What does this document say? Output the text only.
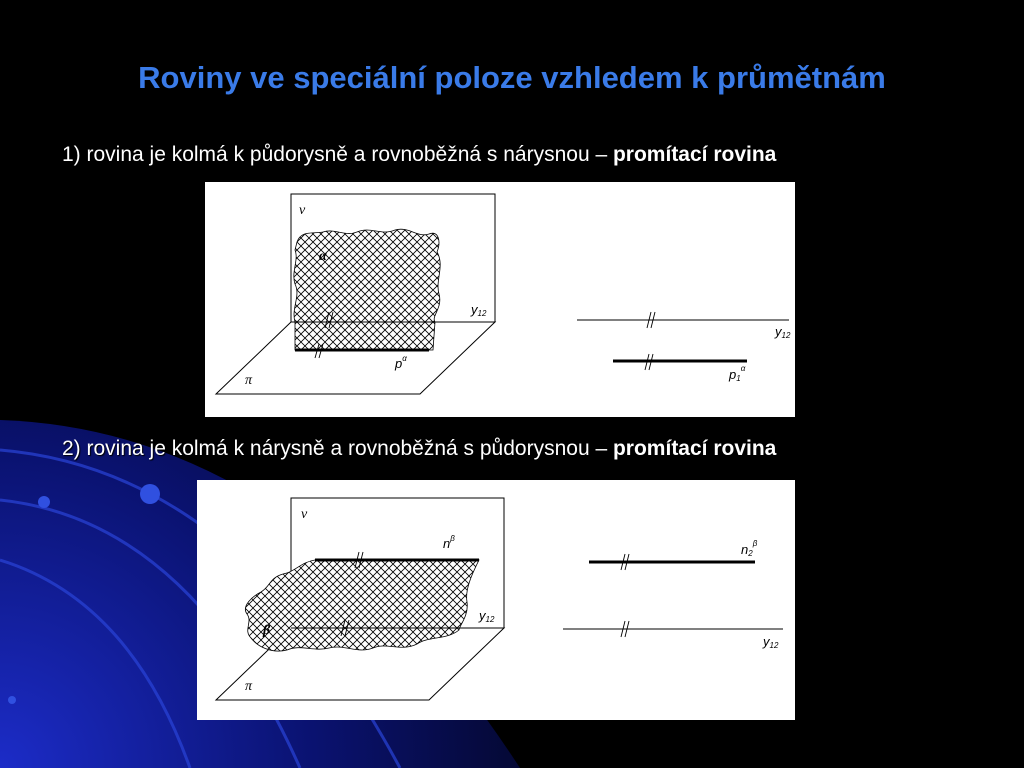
Roviny ve speciální poloze vzhledem k průmětnám
1) rovina je kolmá k půdorysně a rovnoběžná s nárysnou – promítací rovina
ν
α
π
y12
$p^\alpha$
y12
$p1^\alpha$
2) rovina je kolmá k nárysně a rovnoběžná s půdorysnou – promítací rovina
ν
β
π
$n^\beta$
y12
$n2^\beta$
y12
